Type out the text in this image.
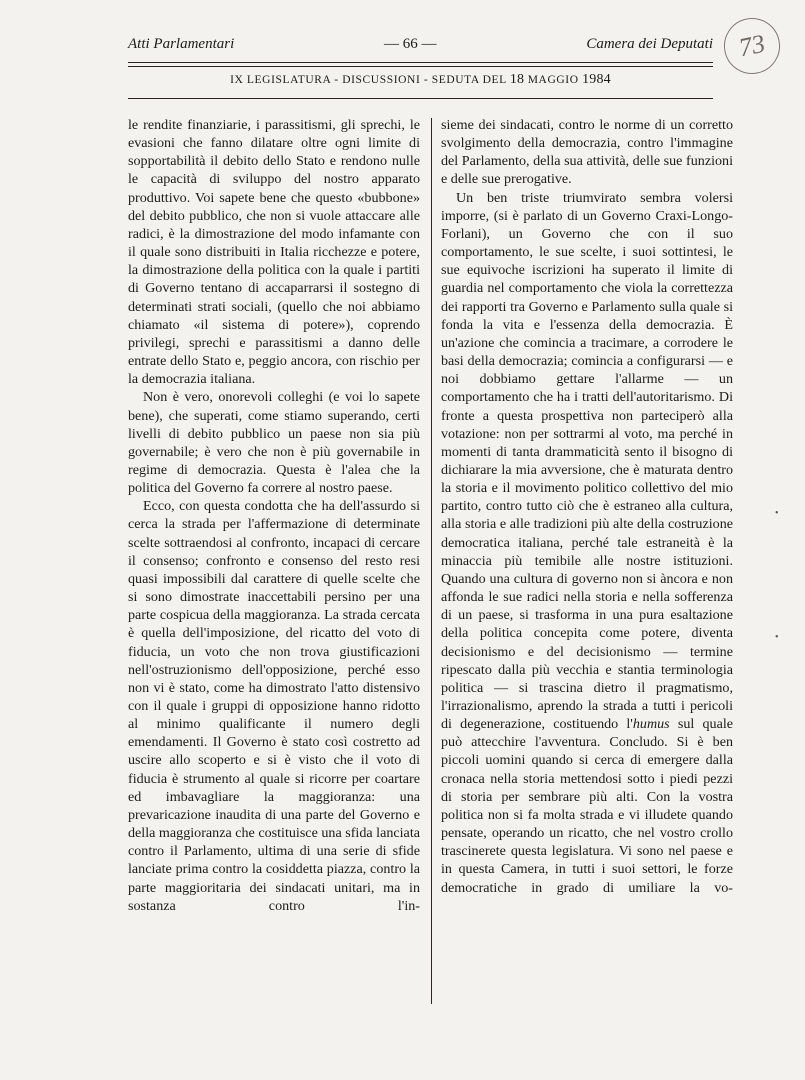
Atti Parlamentari	— 66 —	Camera dei Deputati 73
IX LEGISLATURA - DISCUSSIONI - SEDUTA DEL 18 MAGGIO 1984

le rendite finanziarie, i parassitismi, gli sprechi, le evasioni che fanno dilatare oltre ogni limite di sopportabilità il debito dello Stato e rendono nulle le capacità di sviluppo del nostro apparato produttivo. Voi sapete bene che questo «bubbone» del debito pubblico, che non si vuole attaccare alle radici, è la dimostrazione del modo infamante con il quale sono distribuiti in Italia ricchezze e potere, la dimostrazione della politica con la quale i partiti di Governo tentano di accaparrarsi il sostegno di determinati strati sociali, (quello che noi abbiamo chiamato «il sistema di potere»), coprendo privilegi, sprechi e parassitismi a danno delle entrate dello Stato e, peggio ancora, con rischio per la democrazia italiana.

Non è vero, onorevoli colleghi (e voi lo sapete bene), che superati, come stiamo superando, certi livelli di debito pubblico un paese non sia più governabile; è vero che non è più governabile in regime di democrazia. Questa è l'alea che la politica del Governo fa correre al nostro paese.

Ecco, con questa condotta che ha dell'assurdo si cerca la strada per l'affermazione di determinate scelte sottraendosi al confronto, incapaci di cercare il consenso; confronto e consenso del resto resi quasi impossibili dal carattere di quelle scelte che si sono dimostrate inaccettabili persino per una parte cospicua della maggioranza. La strada cercata è quella dell'imposizione, del ricatto del voto di fiducia, un voto che non trova giustificazioni nell'ostruzionismo dell'opposizione, perché esso non vi è stato, come ha dimostrato l'atto distensivo con il quale i gruppi di opposizione hanno ridotto al minimo qualificante il numero degli emendamenti. Il Governo è stato così costretto ad uscire allo scoperto e si è visto che il voto di fiducia è strumento al quale si ricorre per coartare ed imbavagliare la maggioranza: una prevaricazione inaudita di una parte del Governo e della maggioranza che costituisce una sfida lanciata contro il Parlamento, ultima di una serie di sfide lanciate prima contro la cosiddetta piazza, contro la parte maggioritaria dei sindacati unitari, ma in sostanza contro l'in-

sieme dei sindacati, contro le norme di un corretto svolgimento della democrazia, contro l'immagine del Parlamento, della sua attività, delle sue funzioni e delle sue prerogative.

Un ben triste triumvirato sembra volersi imporre, (si è parlato di un Governo Craxi-Longo-Forlani), un Governo che con il suo comportamento, le sue scelte, i suoi sottintesi, le sue equivoche iscrizioni ha superato il limite di guardia nel comportamento che viola la correttezza dei rapporti tra Governo e Parlamento sulla quale si fonda la vita e l'essenza della democrazia. È un'azione che comincia a tracimare, a corrodere le basi della democrazia; comincia a configurarsi — e noi dobbiamo gettare l'allarme — un comportamento che ha i tratti dell'autoritarismo. Di fronte a questa prospettiva non parteciperò alla votazione: non per sottrarmi al voto, ma perché in momenti di tanta drammaticità sento il bisogno di dichiarare la mia avversione, che è maturata dentro la storia e il movimento politico collettivo del mio partito, contro tutto ciò che è estraneo alla cultura, alla storia e alle tradizioni più alte della costruzione democratica italiana, perché tale estraneità è la minaccia più temibile alle nostre istituzioni. Quando una cultura di governo non si àncora e non affonda le sue radici nella storia e nella sofferenza di un paese, si trasforma in una pura esaltazione della politica concepita come potere, diventa decisionismo e del decisionismo — termine ripescato dalla più vecchia e stantia terminologia politica — si trascina dietro il pragmatismo, l'irrazionalismo, aprendo la strada a tutti i pericoli di degenerazione, costituendo l'humus sul quale può attecchire l'avventura. Concludo. Si è ben piccoli uomini quando si cerca di emergere dalla cronaca nella storia mettendosi sotto i piedi pezzi di storia per sembrare più alti. Con la vostra politica non si fa molta strada e vi illudete quando pensate, operando un ricatto, che nel vostro crollo trascinerete questa legislatura. Vi sono nel paese e in questa Camera, in tutti i suoi settori, le forze democratiche in grado di umiliare la vo-

•
•
